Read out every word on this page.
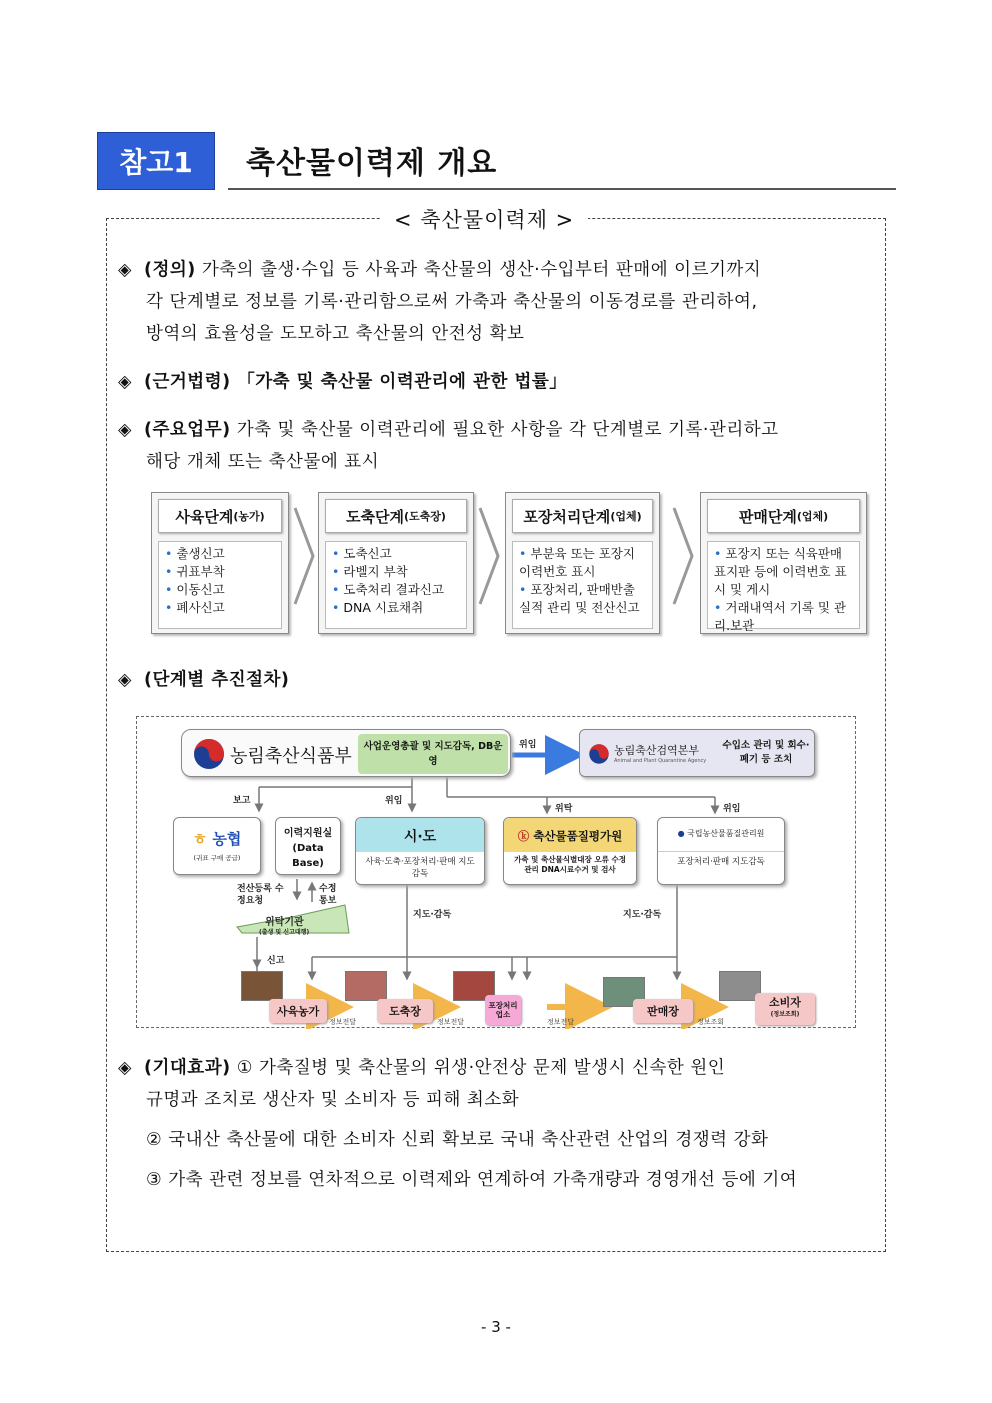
참고1	축산물이력제 개요
< 축산물이력제 >
◈ (정의) 가축의 출생·수입 등 사육과 축산물의 생산·수입부터 판매에 이르기까지
각 단계별로 정보를 기록·관리함으로써 가축과 축산물의 이동경로를 관리하여,
방역의 효율성을 도모하고 축산물의 안전성 확보
◈ (근거법령) 「가축 및 축산물 이력관리에 관한 법률」
◈ (주요업무) 가축 및 축산물 이력관리에 필요한 사항을 각 단계별로 기록·관리하고
해당 개체 또는 축산물에 표시
사육단계 (농가)
• 출생신고
• 귀표부착
• 이동신고
• 폐사신고
도축단계 (도축장)
• 도축신고
• 라벨지 부착
• 도축처리 결과신고
• DNA 시료채취
포장처리단계 (업체)
• 부분육 또는 포장지 이력번호 표시
• 포장처리, 판매반출 실적 관리 및 전산신고
판매단계 (업체)
• 포장지 또는 식육판매 표지판 등에 이력번호 표시 및 게시
• 거래내역서 기록 및 관리.보관
◈ (단계별 추진절차)
농림축산식품부	사업운영총괄 및 지도감독, DB운영
위임	농림축산검역본부
Animal and Plant Quarantine Agency
수입소 관리 및 회수·폐기 등 조치
보고	위임
위탁	위임
ㅎ 농협
(귀표 구매 공급)
이력지원실 (Data Base)
시·도
사육·도축·포장처리·판매 지도감독
ⓚ 축산물품질평가원
가축 및 축산물식별대장 오류 수정 관리 DNA시료수거 및 검사
● 국립농산물품질관리원
포장처리·판매 지도감독
전산등록 수정요청
수정 통보
위탁기관
(출생 및 신고대행)
신고
지도·감독	지도·감독
사육농가
정보전달
도축장
정보전달
포장처리업소
정보전달
판매장
정보조회
소비자
(정보조회)
◈ (기대효과) ① 가축질병 및 축산물의 위생·안전상 문제 발생시 신속한 원인
규명과 조치로 생산자 및 소비자 등 피해 최소화
② 국내산 축산물에 대한 소비자 신뢰 확보로 국내 축산관련 산업의 경쟁력 강화
③ 가축 관련 정보를 연차적으로 이력제와 연계하여 가축개량과 경영개선 등에 기여
- 3 -
